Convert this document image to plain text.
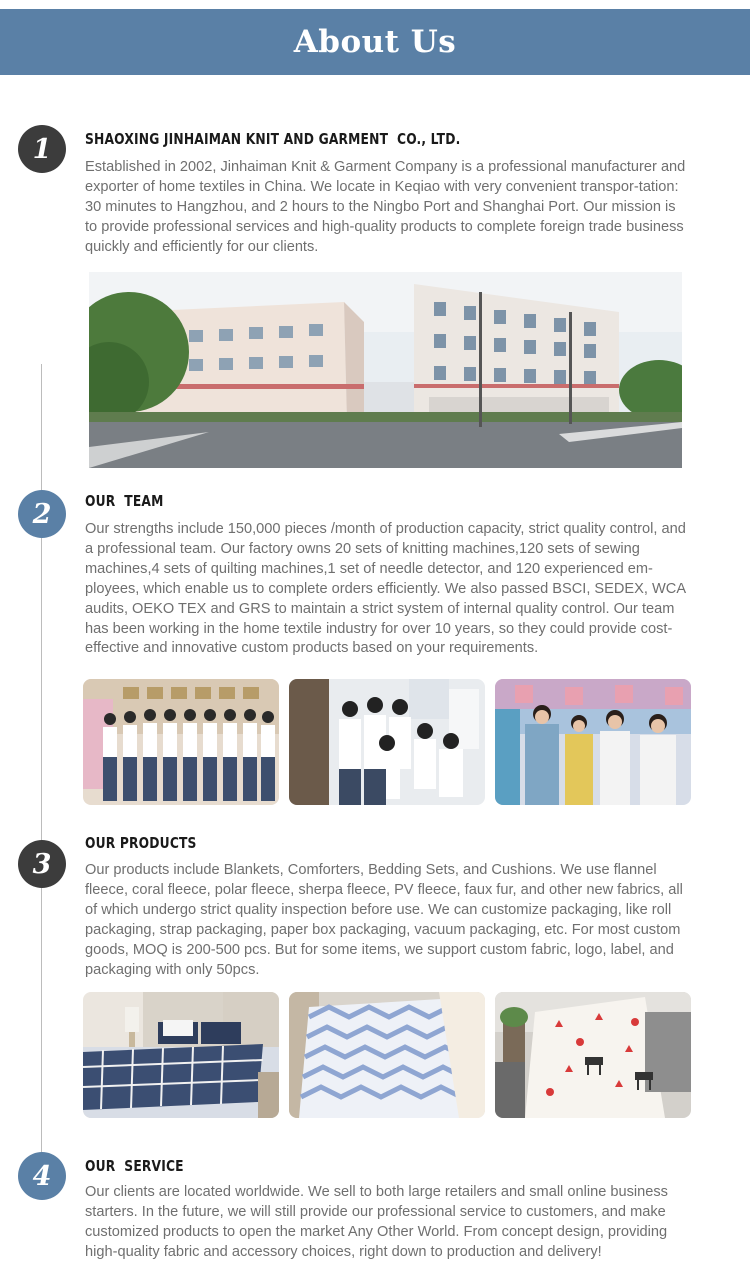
About Us
1	SHAOXING JINHAIMAN KNIT AND GARMENT  CO., LTD.

Established in 2002, Jinhaiman Knit & Garment Company is a professional manufacturer and exporter of home textiles in China. We locate in Keqiao with very convenient transpor-tation: 30 minutes to Hangzhou, and 2 hours to the Ningbo Port and Shanghai Port. Our mission is to provide professional services and high-quality products to complete foreign trade business quickly and efficiently for our clients.

2	OUR  TEAM

Our strengths include 150,000 pieces /month of production capacity, strict quality control, and a professional team. Our factory owns 20 sets of knitting machines,120 sets of sewing machines,4 sets of quilting machines,1 set of needle detector, and 120 experienced em-ployees, which enable us to complete orders efficiently. We also passed BSCI, SEDEX, WCA audits, OEKO TEX and GRS to maintain a strict system of internal quality control. Our team has been working in the home textile industry for over 10 years, so they could provide cost-effective and innovative custom products based on your requirements.

3
OUR PRODUCTS

Our products include Blankets, Comforters, Bedding Sets, and Cushions. We use flannel fleece, coral fleece, polar fleece, sherpa fleece, PV fleece, faux fur, and other new fabrics, all of which undergo strict quality inspection before use. We can customize packaging, like roll packaging, strap packaging, paper box packaging, vacuum packaging, etc. For most custom goods, MOQ is 200-500 pcs. But for some items, we support custom fabric, logo, label, and packaging with only 50pcs.

4	OUR  SERVICE

Our clients are located worldwide. We sell to both large retailers and small online business starters. In the future, we will still provide our professional service to customers, and make customized products to open the market Any Other World. From concept design, providing high-quality fabric and accessory choices, right down to production and delivery!
